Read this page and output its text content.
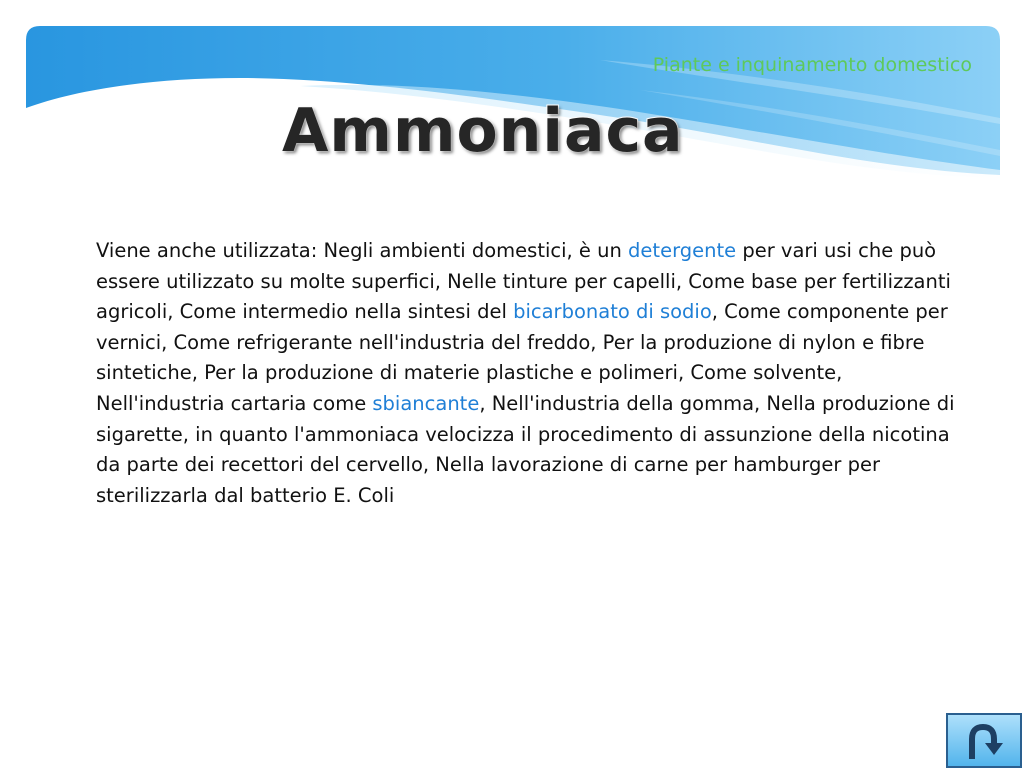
Piante e inquinamento domestico
Ammoniaca
Viene anche utilizzata: Negli ambienti domestici, è un detergente per vari usi che può essere utilizzato su molte superfici, Nelle tinture per capelli, Come base per fertilizzanti agricoli, Come intermedio nella sintesi del bicarbonato di sodio, Come componente per vernici, Come refrigerante nell'industria del freddo, Per la produzione di nylon e fibre sintetiche, Per la produzione di materie plastiche e polimeri, Come solvente, Nell'industria cartaria come sbiancante, Nell'industria della gomma, Nella produzione di sigarette, in quanto l'ammoniaca velocizza il procedimento di assunzione della nicotina da parte dei recettori del cervello, Nella lavorazione di carne per hamburger per sterilizzarla dal batterio E. Coli
